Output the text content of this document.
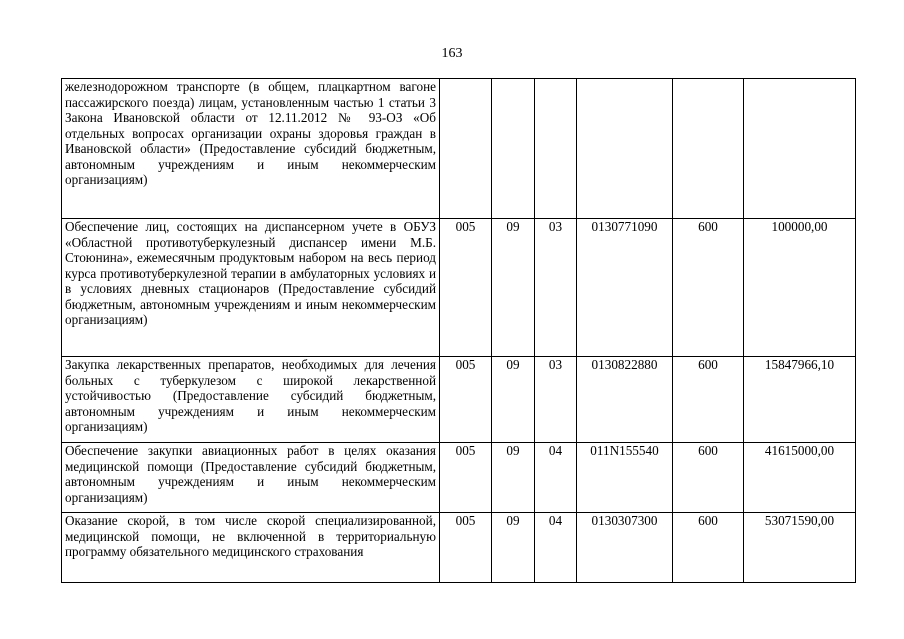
163
железнодорожном транспорте (в общем, плацкартном вагоне пассажирского поезда) лицам, установленным частью 1 статьи 3 Закона Ивановской области от 12.11.2012 № 93-ОЗ «Об отдельных вопросах организации охраны здоровья граждан в Ивановской области» (Предоставление субсидий бюджетным, автономным учреждениям и иным некоммерческим организациям)						

Обеспечение лиц, состоящих на диспансерном учете в ОБУЗ «Областной противотуберкулезный диспансер имени М.Б. Стоюнина», ежемесячным продуктовым набором на весь период курса противотуберкулезной терапии в амбулаторных условиях и в условиях дневных стационаров (Предоставление субсидий бюджетным, автономным учреждениям и иным некоммерческим организациям)	005	09	03	0130771090	600	100000,00

Закупка лекарственных препаратов, необходимых для лечения больных с туберкулезом с широкой лекарственной устойчивостью (Предоставление субсидий бюджетным, автономным учреждениям и иным некоммерческим организациям)	005	09	03	0130822880	600	15847966,10

Обеспечение закупки авиационных работ в целях оказания медицинской помощи (Предоставление субсидий бюджетным, автономным учреждениям и иным некоммерческим организациям)	005	09	04	011N155540	600	41615000,00

Оказание скорой, в том числе скорой специализированной, медицинской помощи, не включенной в территориальную программу обязательного медицинского страхования	005	09	04	0130307300	600	53071590,00
